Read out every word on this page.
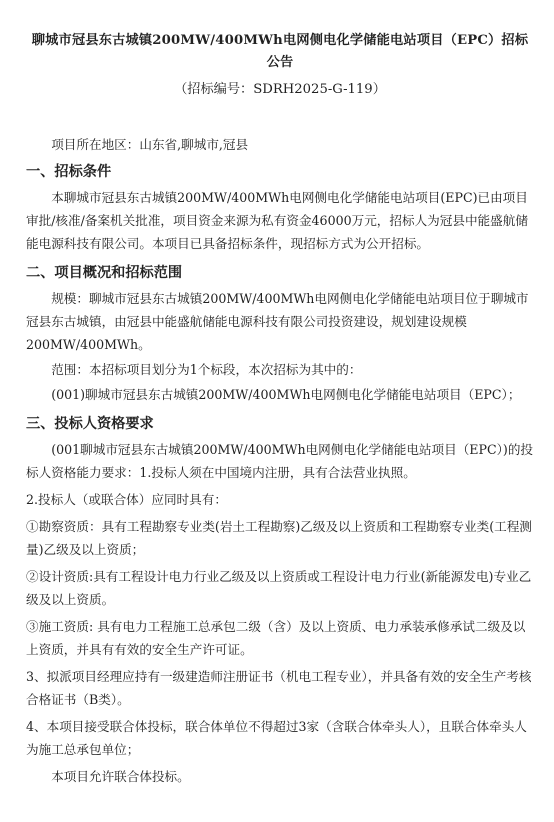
聊城市冠县东古城镇200MW/400MWh电网侧电化学储能电站项目（EPC）招标公告

（招标编号：SDRH2025-G-119）

项目所在地区：山东省,聊城市,冠县

一、招标条件

本聊城市冠县东古城镇200MW/400MWh电网侧电化学储能电站项目(EPC)已由项目审批/核准/备案机关批准，项目资金来源为私有资金46000万元，招标人为冠县中能盛航储能电源科技有限公司。本项目已具备招标条件，现招标方式为公开招标。

二、项目概况和招标范围

规模：聊城市冠县东古城镇200MW/400MWh电网侧电化学储能电站项目位于聊城市冠县东古城镇，由冠县中能盛航储能电源科技有限公司投资建设，规划建设规模200MW/400MWh。

范围：本招标项目划分为1个标段，本次招标为其中的：

(001)聊城市冠县东古城镇200MW/400MWh电网侧电化学储能电站项目（EPC）；

三、投标人资格要求

(001聊城市冠县东古城镇200MW/400MWh电网侧电化学储能电站项目（EPC）)的投标人资格能力要求：1.投标人须在中国境内注册，具有合法营业执照。

2.投标人（或联合体）应同时具有：

①勘察资质：具有工程勘察专业类(岩土工程勘察)乙级及以上资质和工程勘察专业类(工程测量)乙级及以上资质；

②设计资质:具有工程设计电力行业乙级及以上资质或工程设计电力行业(新能源发电)专业乙级及以上资质。

③施工资质: 具有电力工程施工总承包二级（含）及以上资质、电力承装承修承试二级及以上资质，并具有有效的安全生产许可证。

3、拟派项目经理应持有一级建造师注册证书（机电工程专业），并具备有效的安全生产考核合格证书（B类）。

4、本项目接受联合体投标，联合体单位不得超过3家（含联合体牵头人），且联合体牵头人为施工总承包单位；

本项目允许联合体投标。
